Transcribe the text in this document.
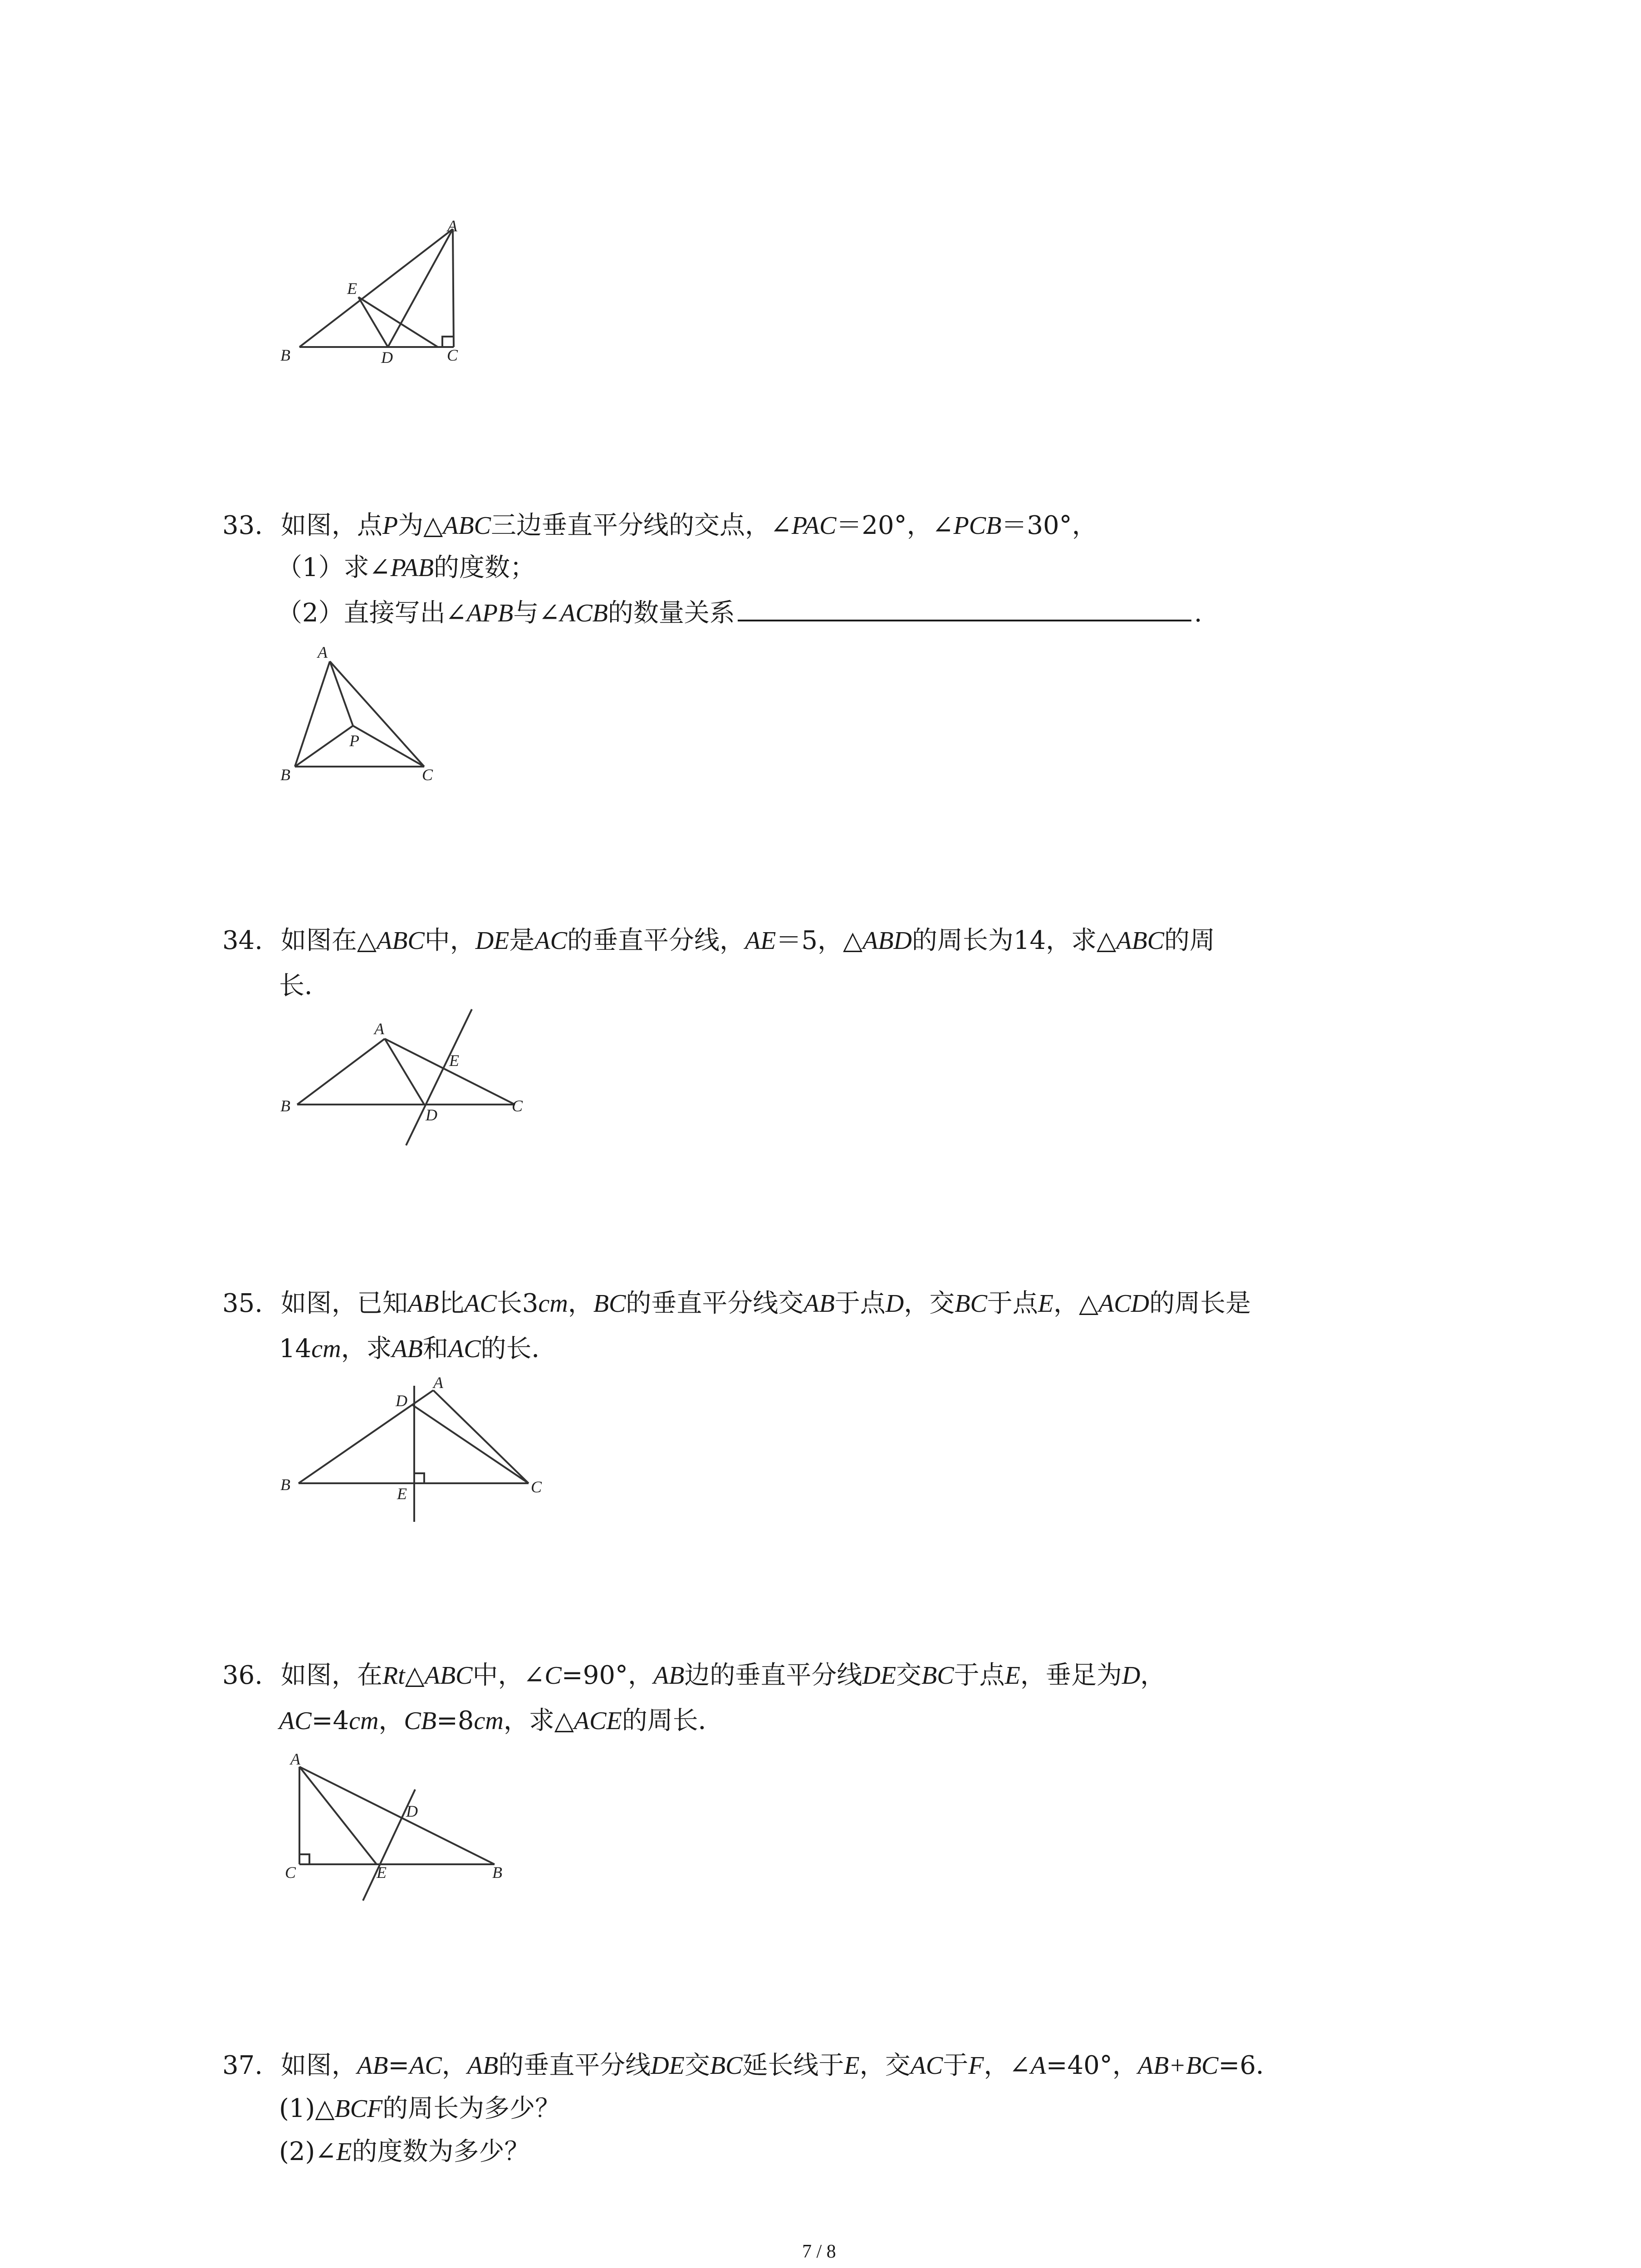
A
E
B	D	C
33. 如图，点P为△ABC三边垂直平分线的交点，∠PAC＝20°，∠PCB＝30°，
（1）求∠PAB的度数；
（2）直接写出∠APB与∠ACB的数量关系	.
A
P
B	C
34. 如图在△ABC中，DE是AC的垂直平分线，AE＝5，△ABD的周长为14，求△ABC的周
长．
A
E
B	D	C
35. 如图，已知AB比AC长3cm，BC的垂直平分线交AB于点D，交BC于点E，△ACD的周长是
14cm，求AB和AC的长．
D
A
B	E	C
36. 如图，在Rt△ABC中，∠C=90°，AB边的垂直平分线DE交BC于点E，垂足为D，
AC=4cm，CB=8cm，求△ACE的周长．
A
D
C	E	B
37. 如图，AB=AC，AB的垂直平分线DE交BC延长线于E，交AC于F，∠A=40°，AB+BC=6．
(1)△BCF的周长为多少？
(2)∠E的度数为多少？
7 / 8
